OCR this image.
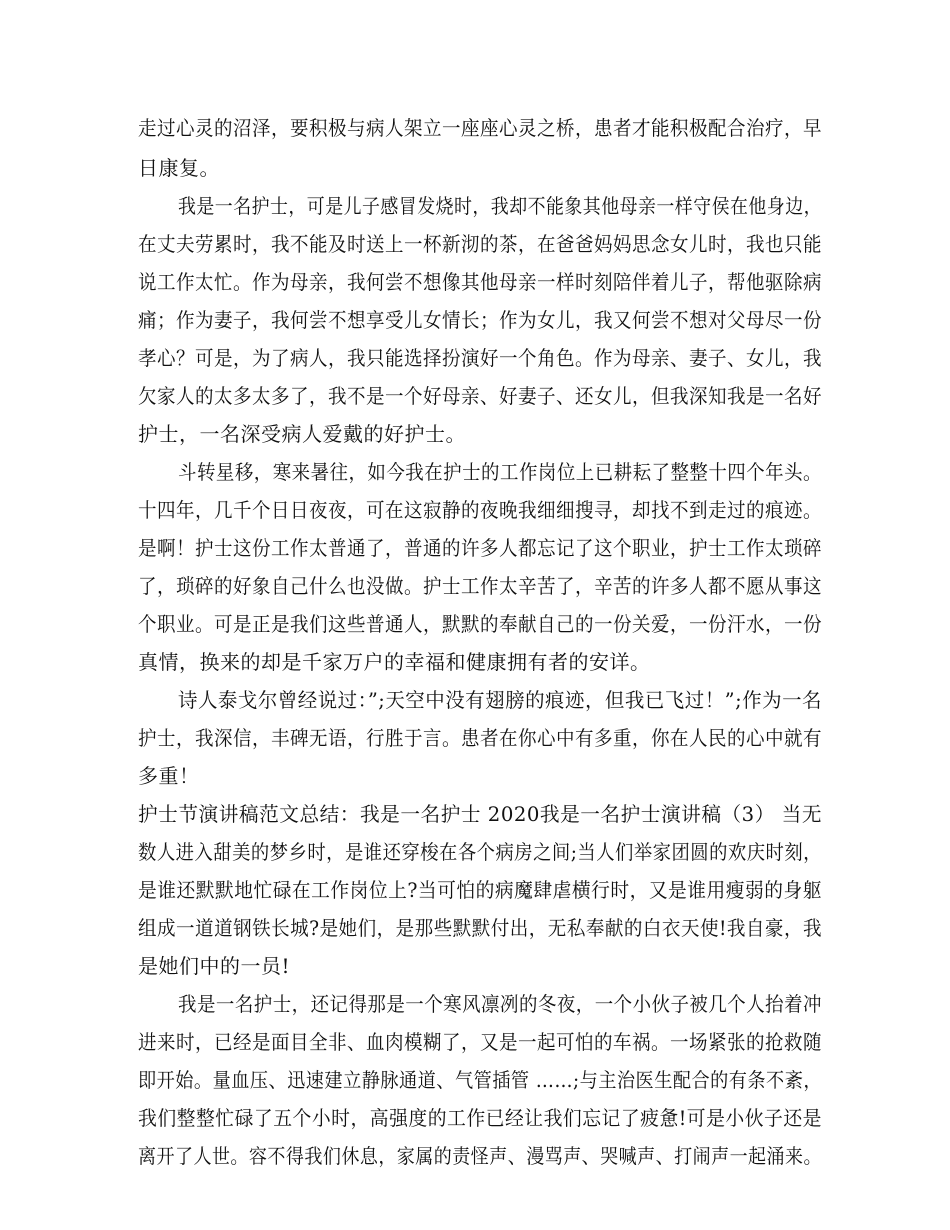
走过心灵的沼泽，要积极与病人架立一座座心灵之桥，患者才能积极配合治疗，早
日康复。
我是一名护士，可是儿子感冒发烧时，我却不能象其他母亲一样守侯在他身边，
在丈夫劳累时，我不能及时送上一杯新沏的茶，在爸爸妈妈思念女儿时，我也只能
说工作太忙。作为母亲，我何尝不想像其他母亲一样时刻陪伴着儿子，帮他驱除病
痛；作为妻子，我何尝不想享受儿女情长；作为女儿，我又何尝不想对父母尽一份
孝心？可是，为了病人，我只能选择扮演好一个角色。作为母亲、妻子、女儿，我
欠家人的太多太多了，我不是一个好母亲、好妻子、还女儿，但我深知我是一名好
护士，一名深受病人爱戴的好护士。
斗转星移，寒来暑往，如今我在护士的工作岗位上已耕耘了整整十四个年头。
十四年，几千个日日夜夜，可在这寂静的夜晚我细细搜寻，却找不到走过的痕迹。
是啊！护士这份工作太普通了，普通的许多人都忘记了这个职业，护士工作太琐碎
了，琐碎的好象自己什么也没做。护士工作太辛苦了，辛苦的许多人都不愿从事这
个职业。可是正是我们这些普通人，默默的奉献自己的一份关爱，一份汗水，一份
真情，换来的却是千家万户的幸福和健康拥有者的安详。
诗人泰戈尔曾经说过：”;天空中没有翅膀的痕迹，但我已飞过！”;作为一名
护士，我深信，丰碑无语，行胜于言。患者在你心中有多重，你在人民的心中就有
多重！
护士节演讲稿范文总结：我是一名护士 2020我是一名护士演讲稿（3） 当无
数人进入甜美的梦乡时，是谁还穿梭在各个病房之间;当人们举家团圆的欢庆时刻，
是谁还默默地忙碌在工作岗位上?当可怕的病魔肆虐横行时，又是谁用瘦弱的身躯
组成一道道钢铁长城?是她们，是那些默默付出，无私奉献的白衣天使!我自豪，我
是她们中的一员!
我是一名护士，还记得那是一个寒风凛冽的冬夜，一个小伙子被几个人抬着冲
进来时，已经是面目全非、血肉模糊了，又是一起可怕的车祸。一场紧张的抢救随
即开始。量血压、迅速建立静脉通道、气管插管 ……;与主治医生配合的有条不紊，
我们整整忙碌了五个小时，高强度的工作已经让我们忘记了疲惫!可是小伙子还是
离开了人世。容不得我们休息，家属的责怪声、漫骂声、哭喊声、打闹声一起涌来。
